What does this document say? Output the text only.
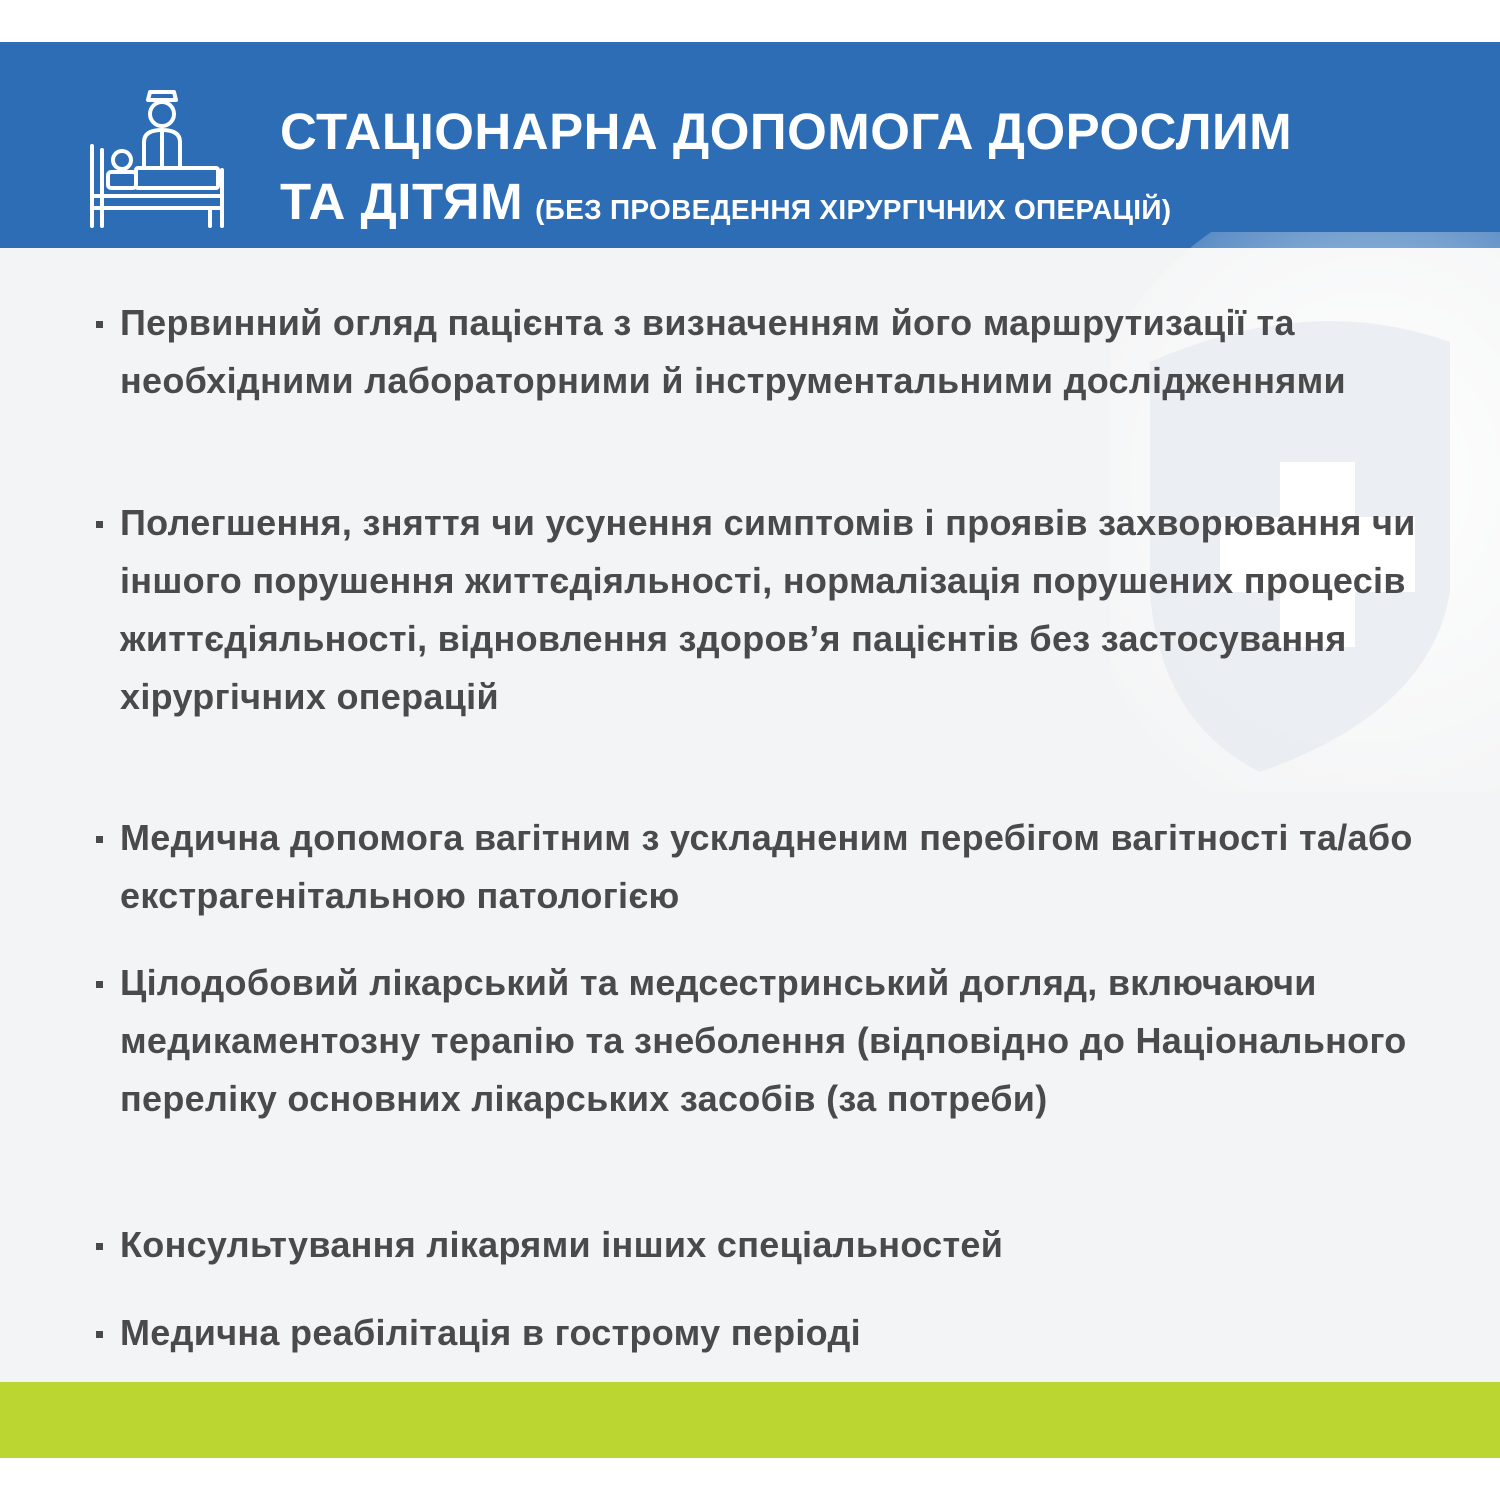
СТАЦІОНАРНА ДОПОМОГА ДОРОСЛИМ
ТА ДІТЯМ (БЕЗ ПРОВЕДЕННЯ ХІРУРГІЧНИХ ОПЕРАЦІЙ)
Первинний огляд пацієнта з визначенням його маршрутизації та необхідними лабораторними й інструментальними дослідженнями
Полегшення, зняття чи усунення симптомів і проявів захворювання чи іншого порушення життєдіяльності, нормалізація порушених процесів життєдіяльності, відновлення здоров’я пацієнтів без застосування хірургічних операцій
Медична допомога вагітним з ускладненим перебігом вагітності та/або екстрагенітальною патологією
Цілодобовий лікарський та медсестринський догляд, включаючи медикаментозну терапію та знеболення (відповідно до Національного переліку основних лікарських засобів (за потреби)
Консультування лікарями інших спеціальностей
Медична реабілітація в гострому періоді
